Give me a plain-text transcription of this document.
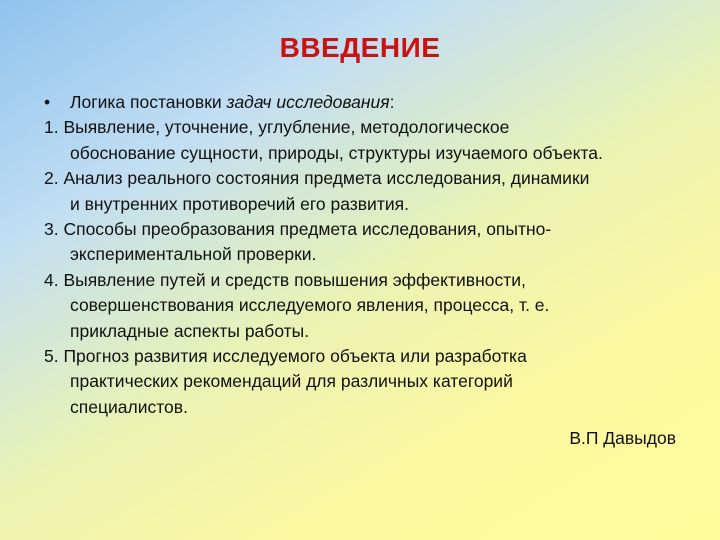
ВВЕДЕНИЕ
• Логика постановки задач исследования:
1. Выявление, уточнение, углубление, методологическое
обоснование сущности, природы, структуры изучаемого объекта.
2. Анализ реального состояния предмета исследования, динамики
и внутренних противоречий его развития.
3. Способы преобразования предмета исследования, опытно-
экспериментальной проверки.
4. Выявление путей и средств повышения эффективности,
совершенствования исследуемого явления, процесса, т. е.
прикладные аспекты работы.
5. Прогноз развития исследуемого объекта или разработка
практических рекомендаций для различных категорий
специалистов.
В.П Давыдов
